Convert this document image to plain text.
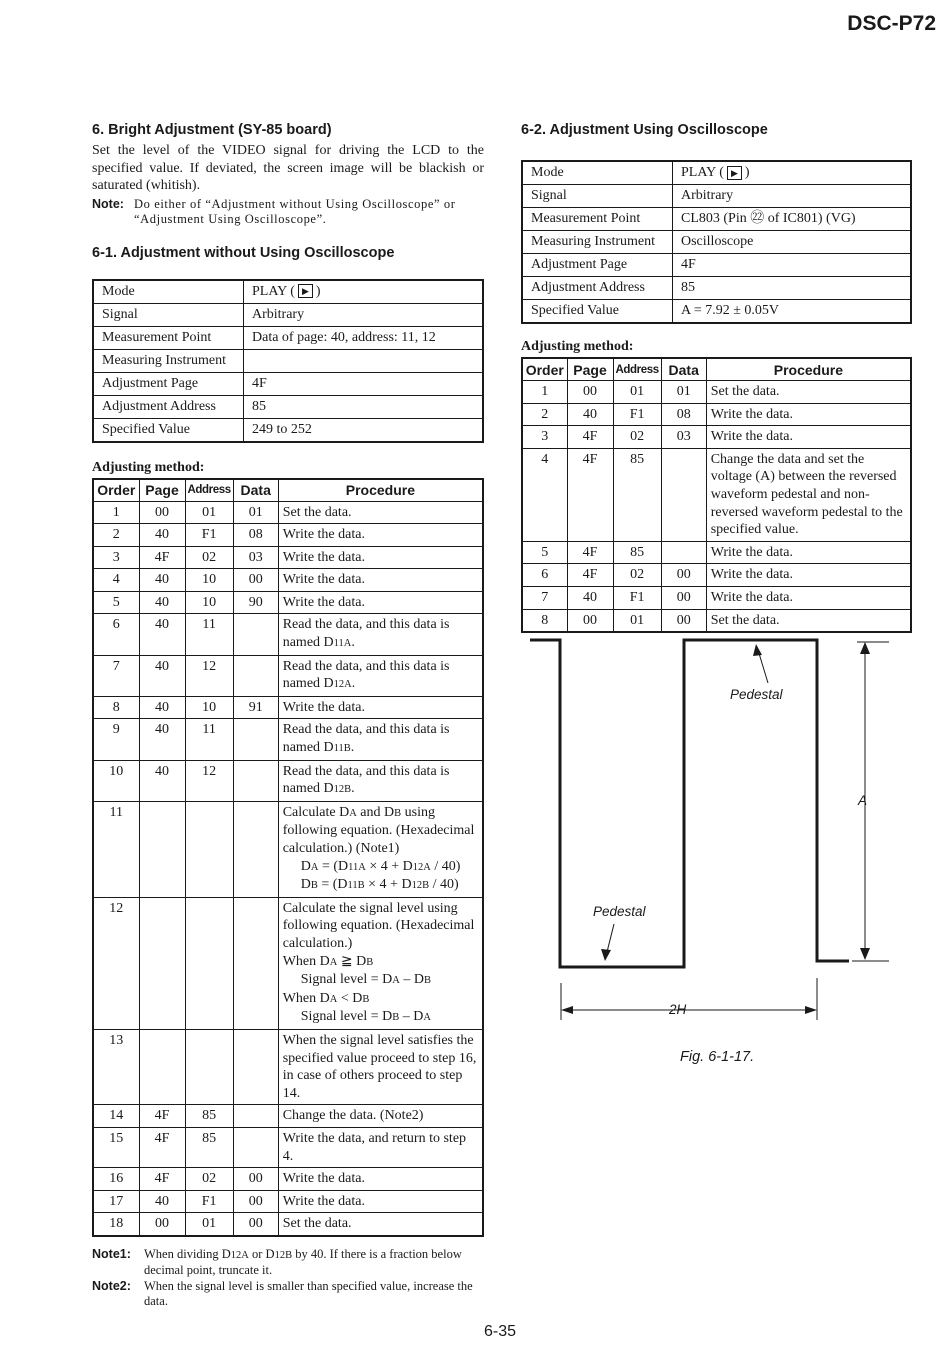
DSC-P72

6. Bright Adjustment (SY-85 board)

Set the level of the VIDEO signal for driving the LCD to the specified value. If deviated, the screen image will be blackish or saturated (whitish).

Note: Do either of “Adjustment without Using Oscilloscope” or “Adjustment Using Oscilloscope”.

6-1. Adjustment without Using Oscilloscope

Mode	PLAY ( ▶ )
Signal	Arbitrary
Measurement Point	Data of page: 40, address: 11, 12
Measuring Instrument	
Adjustment Page	4F
Adjustment Address	85
Specified Value	249 to 252

Adjusting method:

Order	Page	Address	Data	Procedure
1	00	01	01	Set the data.

2	40	F1	08	Write the data.

3	4F	02	03	Write the data.

4	40	10	00	Write the data.

5	40	10	90	Write the data.

6	40	11		Read the data, and this data is named D11A.

7	40	12		Read the data, and this data is named D12A.

8	40	10	91	Write the data.

9	40	11		Read the data, and this data is named D11B.

10	40	12		Read the data, and this data is named D12B.

11				Calculate DA and DB using following equation. (Hexadecimal calculation.) (Note1)
DA = (D11A × 4 + D12A / 40)
DB = (D11B × 4 + D12B / 40)

12				Calculate the signal level using following equation. (Hexadecimal calculation.)
When DA ≧ DB
Signal level = DA – DB
When DA < DB
Signal level = DB – DA

13				When the signal level satisfies the specified value proceed to step 16, in case of others proceed to step 14.

14	4F	85		Change the data. (Note2)

15	4F	85		Write the data, and return to step 4.

16	4F	02	00	Write the data.

17	40	F1	00	Write the data.

18	00	01	00	Set the data.
Note1:	When dividing D12A or D12B by 40. If there is a fraction below decimal point, truncate it.
Note2:	When the signal level is smaller than specified value, increase the data.

6-2. Adjustment Using Oscilloscope

Mode	PLAY ( ▶ )
Signal	Arbitrary
Measurement Point	CL803 (Pin ㉒ of IC801) (VG)
Measuring Instrument	Oscilloscope
Adjustment Page	4F
Adjustment Address	85
Specified Value	A = 7.92 ± 0.05V

Adjusting method:

Order	Page	Address	Data	Procedure
1	00	01	01	Set the data.

2	40	F1	08	Write the data.

3	4F	02	03	Write the data.

4	4F	85		Change the data and set the voltage (A) between the reversed waveform pedestal and non-reversed waveform pedestal to the specified value.

5	4F	85		Write the data.

6	4F	02	00	Write the data.

7	40	F1	00	Write the data.

8	00	01	00	Set the data.
Pedestal
A
Pedestal
2H
Fig. 6-1-17.
6-35
